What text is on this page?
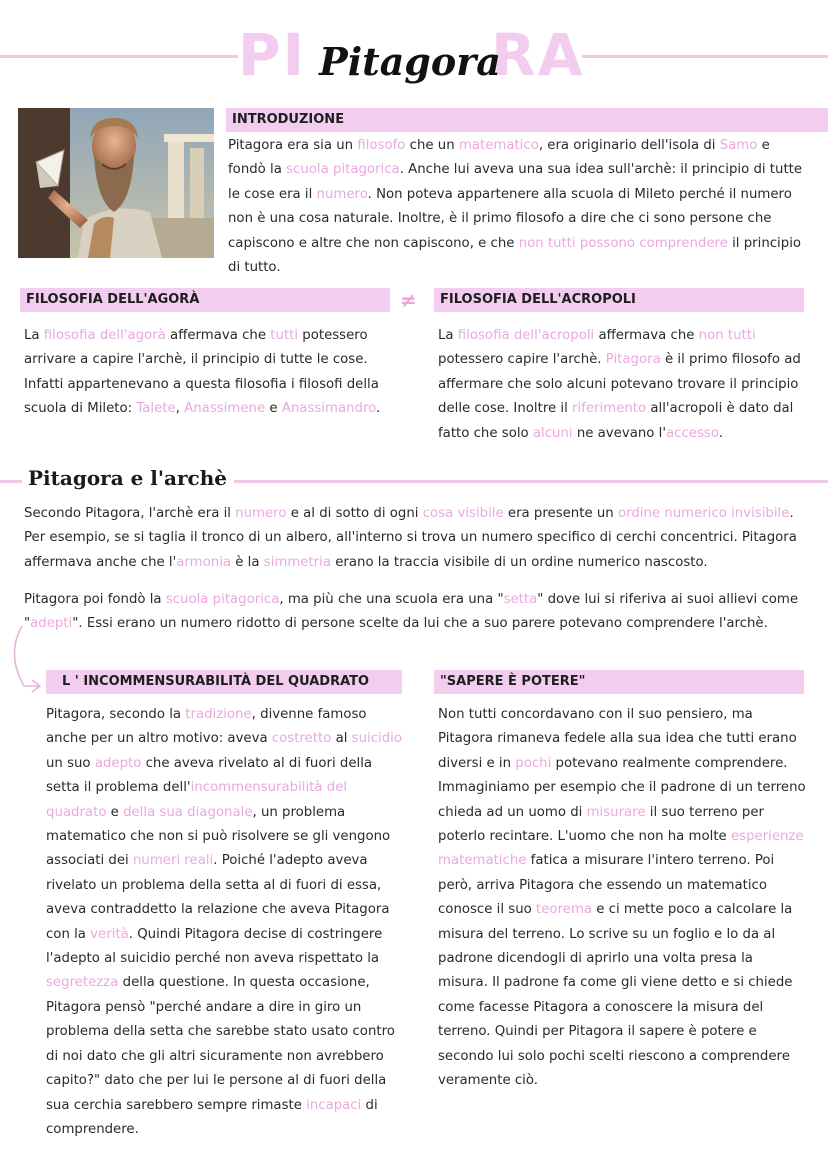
PI	RA
Pitagora
INTRODUZIONE
Pitagora era sia un filosofo che un matematico, era originario dell'isola di Samo e fondò la scuola pitagorica. Anche lui aveva una sua idea sull'archè: il principio di tutte le cose era il numero. Non poteva appartenere alla scuola di Mileto perché il numero non è una cosa naturale. Inoltre, è il primo filosofo a dire che ci sono persone che capiscono e altre che non capiscono, e che non tutti possono comprendere il principio di tutto.
FILOSOFIA DELL'AGORÀ	≠	FILOSOFIA DELL'ACROPOLI
La filosofia dell'agorà affermava che tutti potessero arrivare a capire l'archè, il principio di tutte le cose. Infatti appartenevano a questa filosofia i filosofi della scuola di Mileto: Talete, Anassimene e Anassimandro.
La filosofia dell'acropoli affermava che non tutti potessero capire l'archè. Pitagora è il primo filosofo ad affermare che solo alcuni potevano trovare il principio delle cose. Inoltre il riferimento all'acropoli è dato dal fatto che solo alcuni ne avevano l'accesso.
Pitagora e l'archè
Secondo Pitagora, l'archè era il numero e al di sotto di ogni cosa visibile era presente un ordine numerico invisibile. Per esempio, se si taglia il tronco di un albero, all'interno si trova un numero specifico di cerchi concentrici. Pitagora affermava anche che l'armonia è la simmetria erano la traccia visibile di un ordine numerico nascosto.
Pitagora poi fondò la scuola pitagorica, ma più che una scuola era una "setta" dove lui si riferiva ai suoi allievi come "adepti". Essi erano un numero ridotto di persone scelte da lui che a suo parere potevano comprendere l'archè.
L ' INCOMMENSURABILITÀ DEL QUADRATO	"SAPERE È POTERE"
Pitagora, secondo la tradizione, divenne famoso anche per un altro motivo: aveva costretto al suicidio un suo adepto che aveva rivelato al di fuori della setta il problema dell'incommensurabilità del quadrato e della sua diagonale, un problema matematico che non si può risolvere se gli vengono associati dei numeri reali. Poiché l'adepto aveva rivelato un problema della setta al di fuori di essa, aveva contraddetto la relazione che aveva Pitagora con la verità. Quindi Pitagora decise di costringere l'adepto al suicidio perché non aveva rispettato la segretezza della questione. In questa occasione, Pitagora pensò "perché andare a dire in giro un problema della setta che sarebbe stato usato contro di noi dato che gli altri sicuramente non avrebbero capito?" dato che per lui le persone al di fuori della sua cerchia sarebbero sempre rimaste incapaci di comprendere.
Non tutti concordavano con il suo pensiero, ma Pitagora rimaneva fedele alla sua idea che tutti erano diversi e in pochi potevano realmente comprendere. Immaginiamo per esempio che il padrone di un terreno chieda ad un uomo di misurare il suo terreno per poterlo recintare. L'uomo che non ha molte esperienze matematiche fatica a misurare l'intero terreno. Poi però, arriva Pitagora che essendo un matematico conosce il suo teorema e ci mette poco a calcolare la misura del terreno. Lo scrive su un foglio e lo da al padrone dicendogli di aprirlo una volta presa la misura. Il padrone fa come gli viene detto e si chiede come facesse Pitagora a conoscere la misura del terreno. Quindi per Pitagora il sapere è potere e secondo lui solo pochi scelti riescono a comprendere veramente ciò.
